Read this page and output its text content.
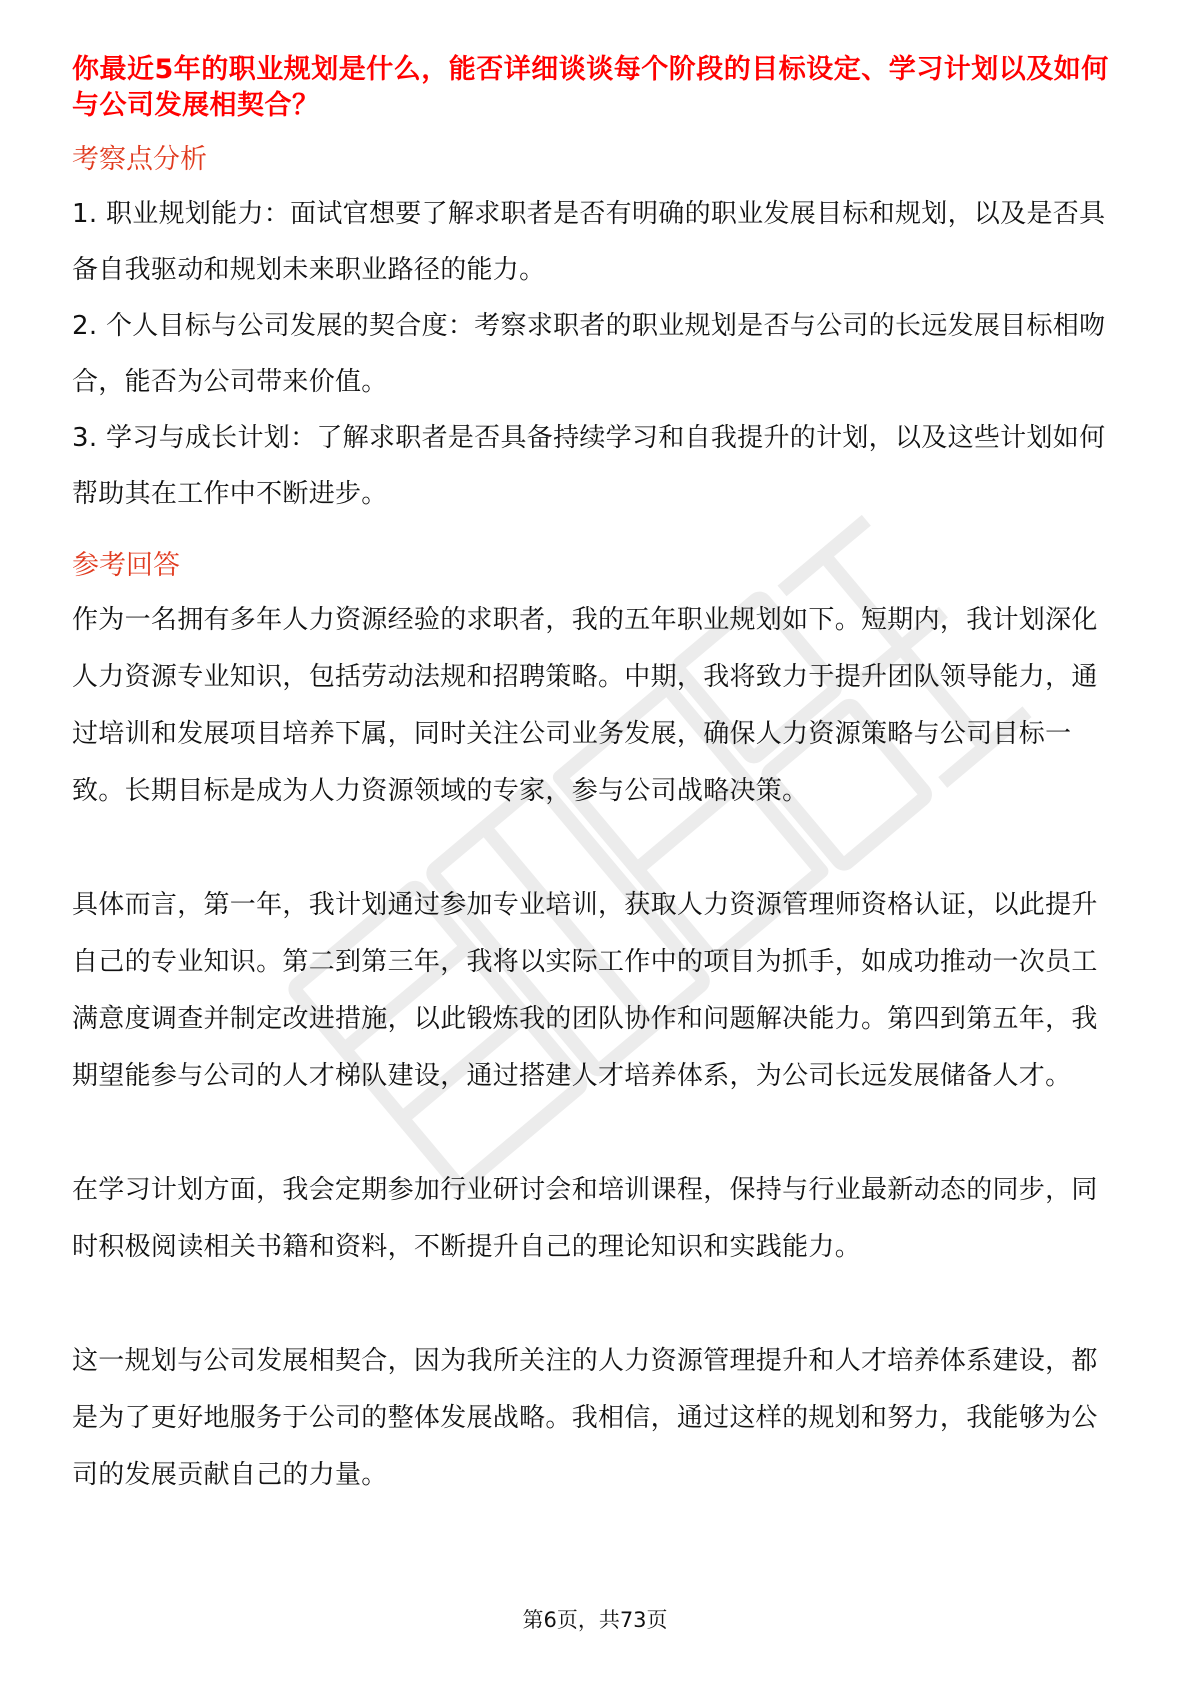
你最近5年的职业规划是什么，能否详细谈谈每个阶段的目标设定、学习计划以及如何与公司发展相契合？

考察点分析

1. 职业规划能力：面试官想要了解求职者是否有明确的职业发展目标和规划，以及是否具备自我驱动和规划未来职业路径的能力。

2. 个人目标与公司发展的契合度：考察求职者的职业规划是否与公司的长远发展目标相吻合，能否为公司带来价值。

3. 学习与成长计划：了解求职者是否具备持续学习和自我提升的计划，以及这些计划如何帮助其在工作中不断进步。

参考回答

作为一名拥有多年人力资源经验的求职者，我的五年职业规划如下。短期内，我计划深化人力资源专业知识，包括劳动法规和招聘策略。中期，我将致力于提升团队领导能力，通过培训和发展项目培养下属，同时关注公司业务发展，确保人力资源策略与公司目标一致。长期目标是成为人力资源领域的专家，参与公司战略决策。

具体而言，第一年，我计划通过参加专业培训，获取人力资源管理师资格认证，以此提升自己的专业知识。第二到第三年，我将以实际工作中的项目为抓手，如成功推动一次员工满意度调查并制定改进措施，以此锻炼我的团队协作和问题解决能力。第四到第五年，我期望能参与公司的人才梯队建设，通过搭建人才培养体系，为公司长远发展储备人才。

在学习计划方面，我会定期参加行业研讨会和培训课程，保持与行业最新动态的同步，同时积极阅读相关书籍和资料，不断提升自己的理论知识和实践能力。

这一规划与公司发展相契合，因为我所关注的人力资源管理提升和人才培养体系建设，都是为了更好地服务于公司的整体发展战略。我相信，通过这样的规划和努力，我能够为公司的发展贡献自己的力量。

第6页，共73页
